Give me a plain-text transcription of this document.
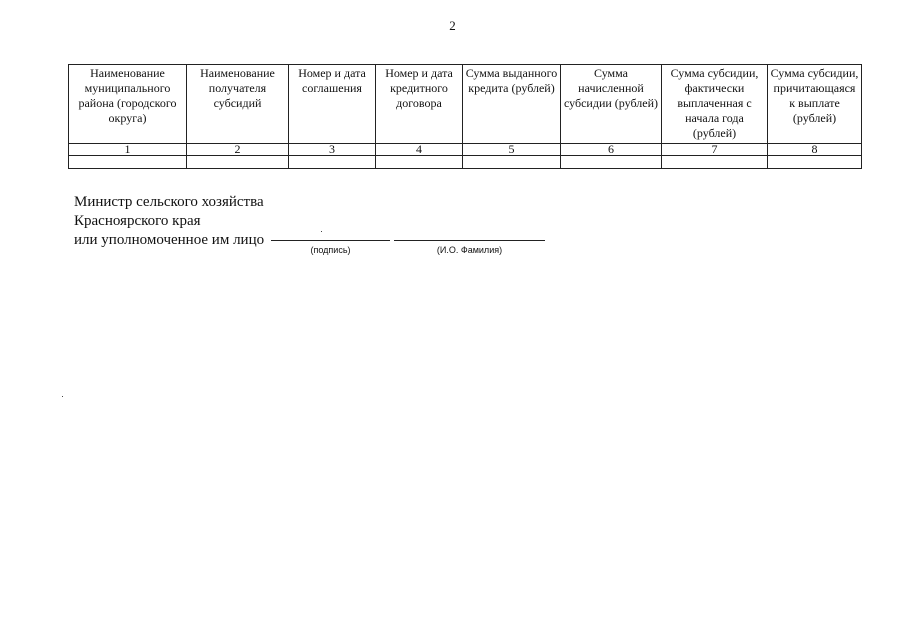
2
Наименование муниципального района (городского округа)	Наименование получателя субсидий	Номер и дата соглашения	Номер и дата кредитного договора	Сумма выданного кредита (рублей)	Сумма начисленной субсидии (рублей)	Сумма субсидии, фактически выплаченная с начала года (рублей)	Сумма субсидии, причитающаяся к выплате (рублей)
1	2	3	4	5	6	7	8

Министр сельского хозяйства
Красноярского края
или уполномоченное им лицо
(подпись)	(И.О. Фамилия)
